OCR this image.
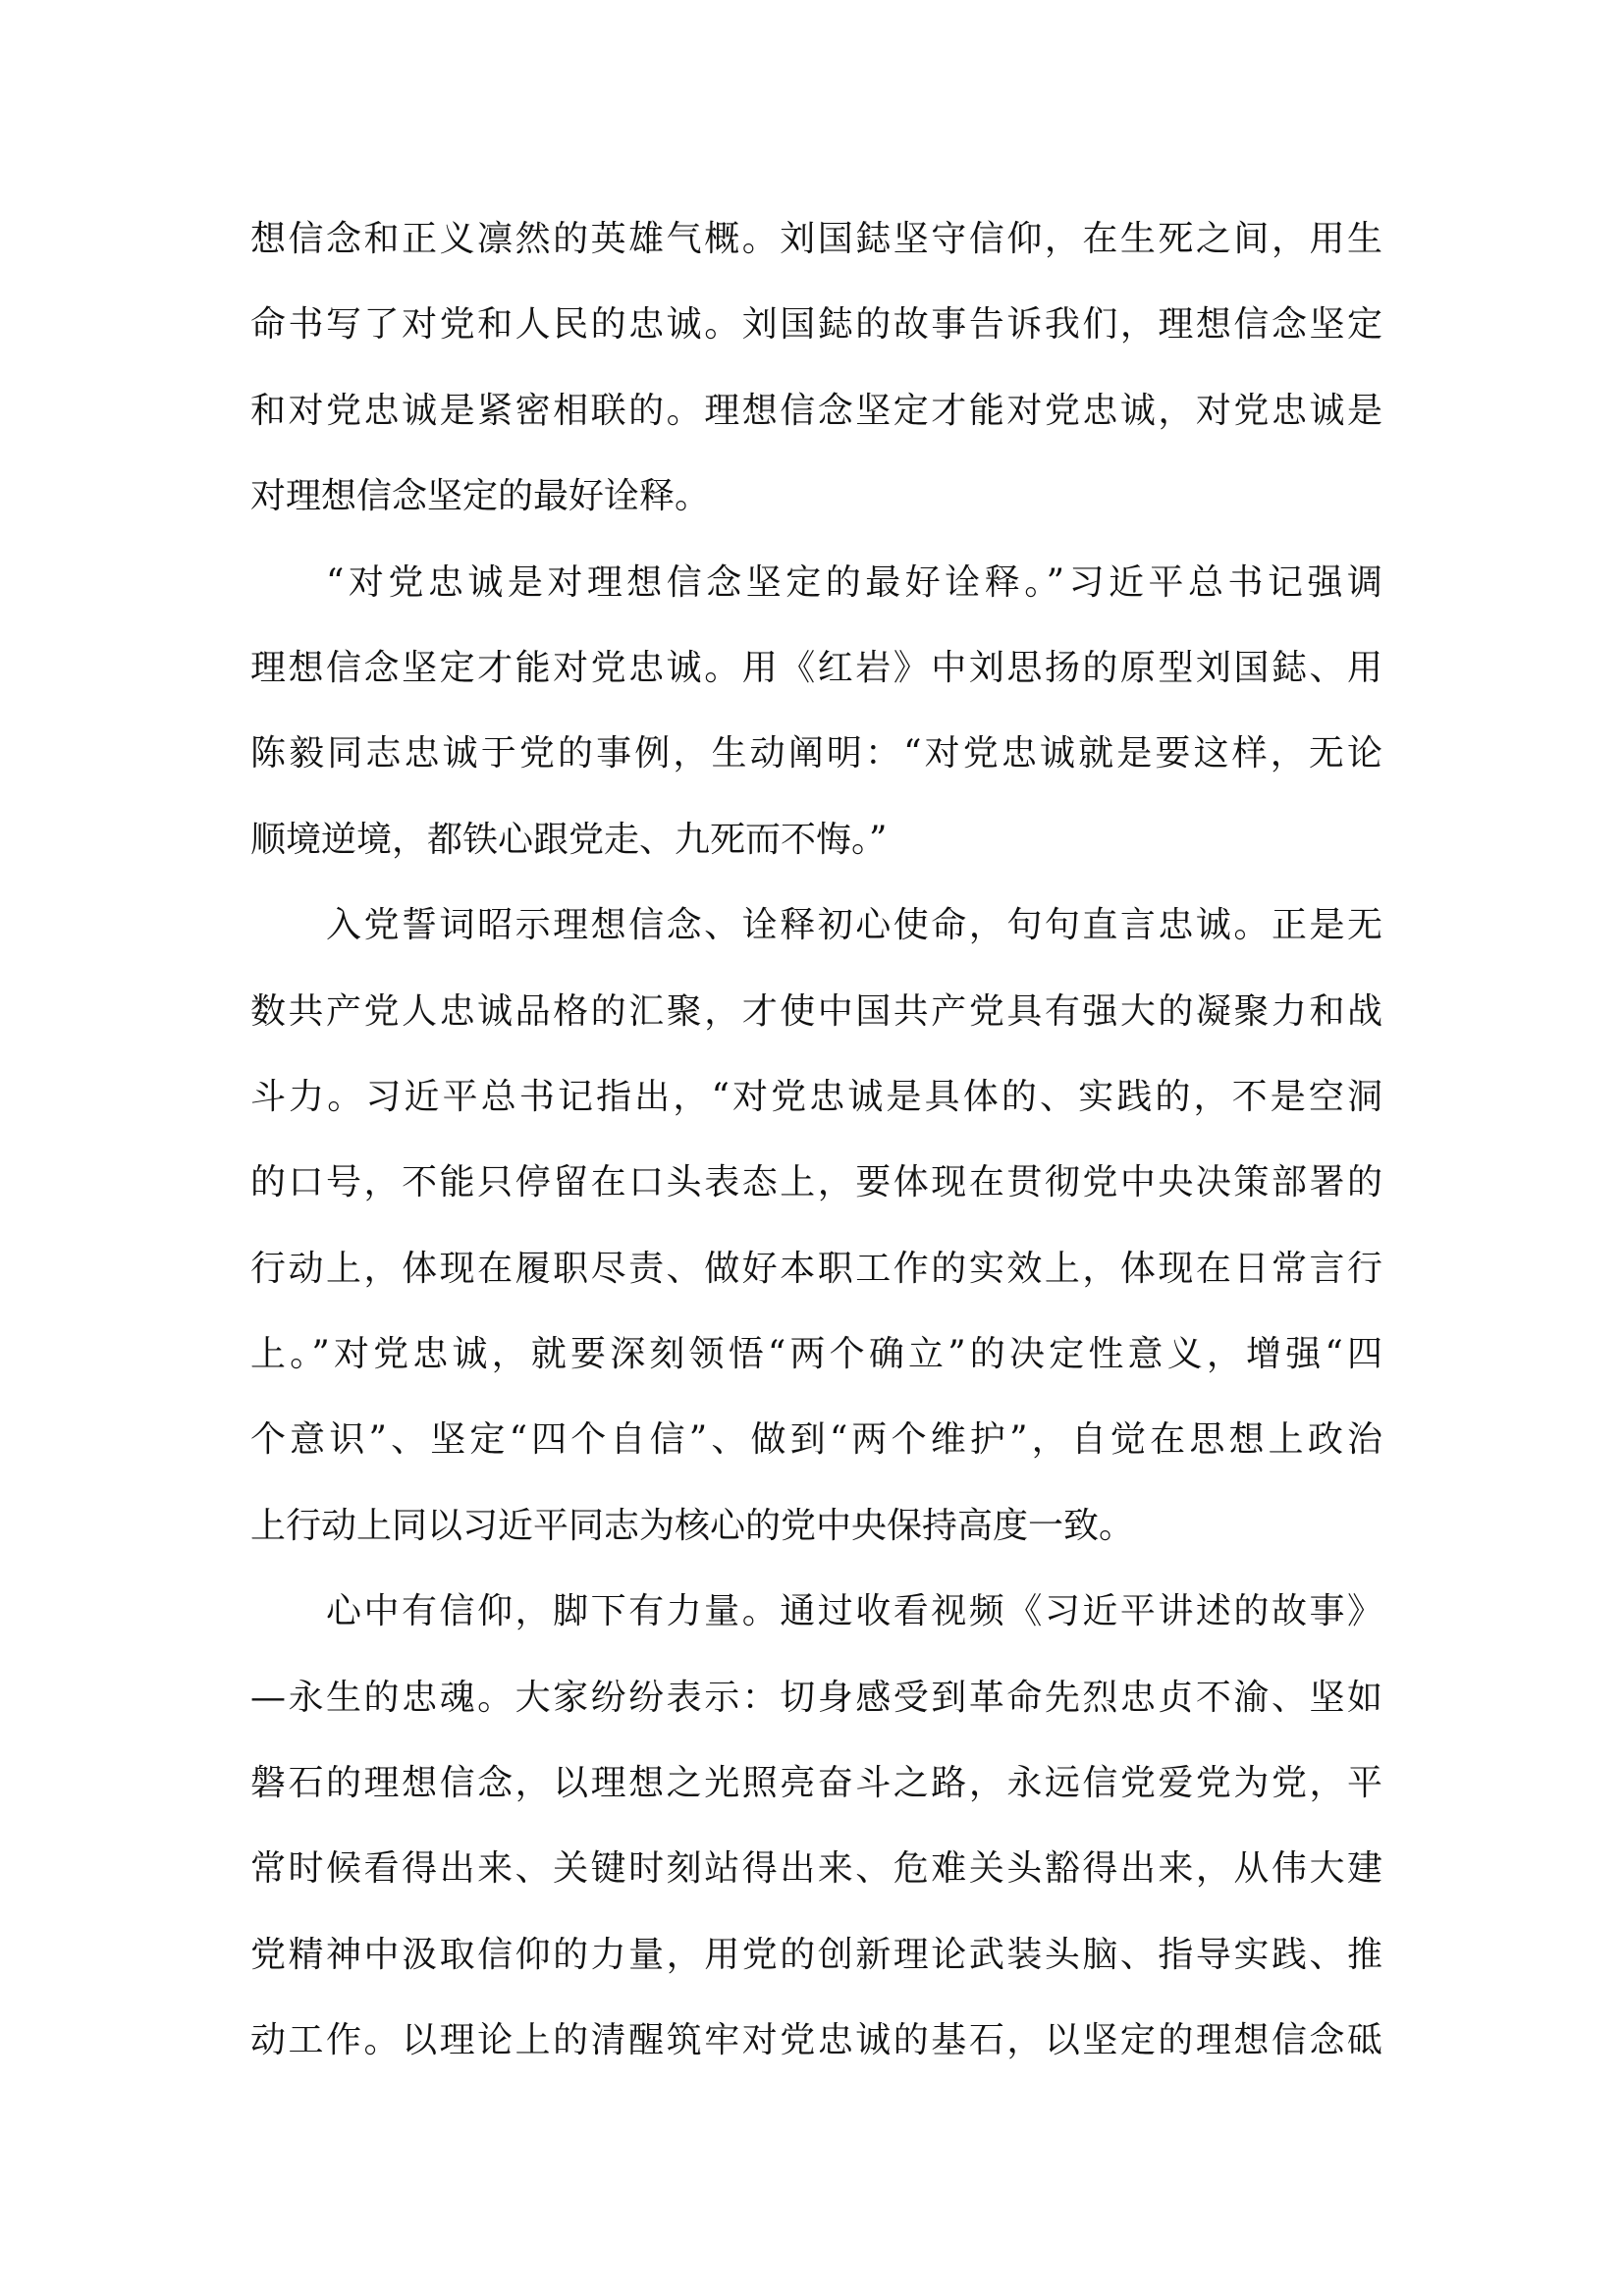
想信念和正义凛然的英雄气概。刘国鋕坚守信仰，在生死之间，用生
命书写了对党和人民的忠诚。刘国鋕的故事告诉我们，理想信念坚定
和对党忠诚是紧密相联的。理想信念坚定才能对党忠诚，对党忠诚是
对理想信念坚定的最好诠释。
“对党忠诚是对理想信念坚定的最好诠释。”习近平总书记强调
理想信念坚定才能对党忠诚。用《红岩》中刘思扬的原型刘国鋕、用
陈毅同志忠诚于党的事例，生动阐明：“对党忠诚就是要这样，无论
顺境逆境，都铁心跟党走、九死而不悔。”
入党誓词昭示理想信念、诠释初心使命，句句直言忠诚。正是无
数共产党人忠诚品格的汇聚，才使中国共产党具有强大的凝聚力和战
斗力。习近平总书记指出，“对党忠诚是具体的、实践的，不是空洞
的口号，不能只停留在口头表态上，要体现在贯彻党中央决策部署的
行动上，体现在履职尽责、做好本职工作的实效上，体现在日常言行
上。”对党忠诚，就要深刻领悟“两个确立”的决定性意义，增强“四
个意识”、坚定“四个自信”、做到“两个维护”，自觉在思想上政治
上行动上同以习近平同志为核心的党中央保持高度一致。
心中有信仰，脚下有力量。通过收看视频《习近平讲述的故事》
—永生的忠魂。大家纷纷表示：切身感受到革命先烈忠贞不渝、坚如
磐石的理想信念，以理想之光照亮奋斗之路，永远信党爱党为党，平
常时候看得出来、关键时刻站得出来、危难关头豁得出来，从伟大建
党精神中汲取信仰的力量，用党的创新理论武装头脑、指导实践、推
动工作。以理论上的清醒筑牢对党忠诚的基石，以坚定的理想信念砥
